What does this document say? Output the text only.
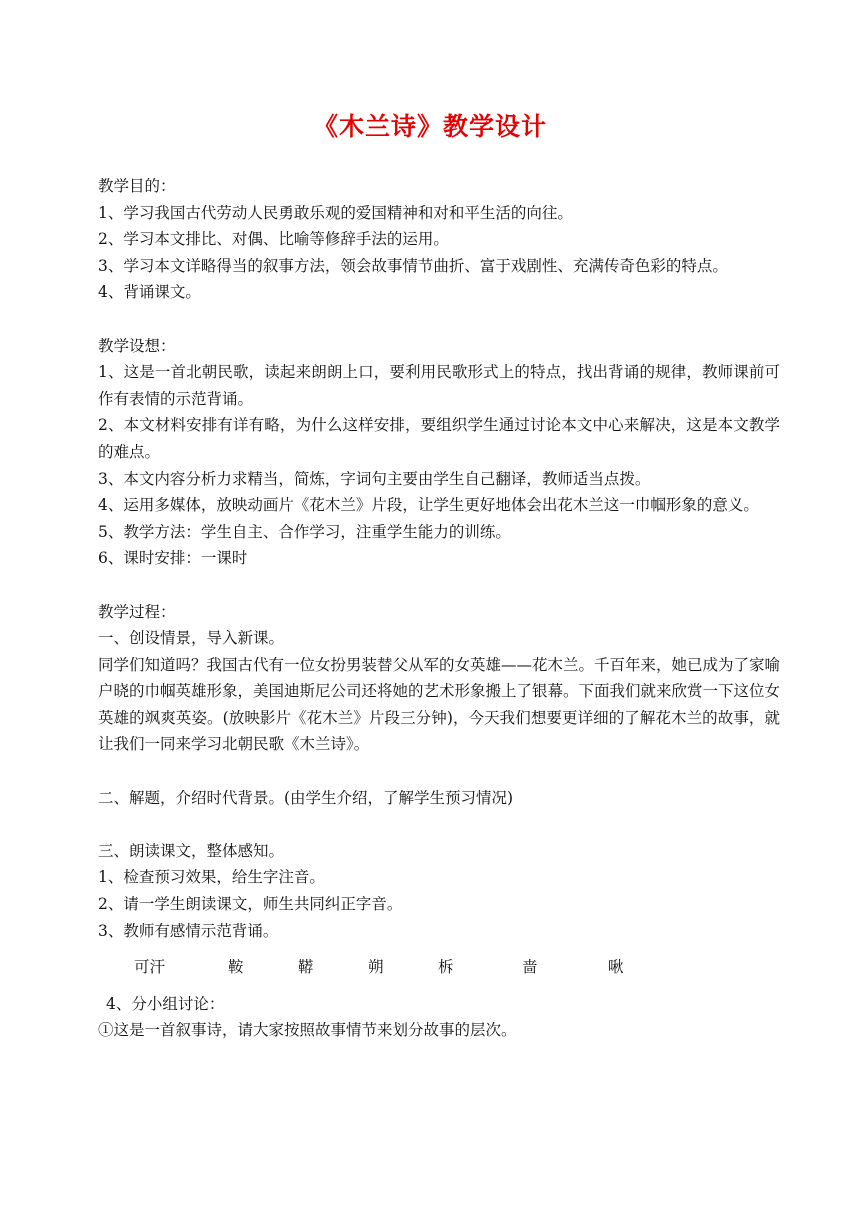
《木兰诗》教学设计

教学目的：

1、学习我国古代劳动人民勇敢乐观的爱国精神和对和平生活的向往。

2、学习本文排比、对偶、比喻等修辞手法的运用。

3、学习本文详略得当的叙事方法，领会故事情节曲折、富于戏剧性、充满传奇色彩的特点。

4、背诵课文。

教学设想：

1、这是一首北朝民歌，读起来朗朗上口，要利用民歌形式上的特点，找出背诵的规律，教师课前可作有表情的示范背诵。

2、本文材料安排有详有略，为什么这样安排，要组织学生通过讨论本文中心来解决，这是本文教学的难点。

3、本文内容分析力求精当，简炼，字词句主要由学生自己翻译，教师适当点拨。

4、运用多媒体，放映动画片《花木兰》片段，让学生更好地体会出花木兰这一巾帼形象的意义。

5、教学方法：学生自主、合作学习，注重学生能力的训练。

6、课时安排：一课时

教学过程：

一、创设情景，导入新课。

同学们知道吗？我国古代有一位女扮男装替父从军的女英雄——花木兰。千百年来，她已成为了家喻户晓的巾帼英雄形象，美国迪斯尼公司还将她的艺术形象搬上了银幕。下面我们就来欣赏一下这位女英雄的飒爽英姿。(放映影片《花木兰》片段三分钟)，今天我们想要更详细的了解花木兰的故事，就让我们一同来学习北朝民歌《木兰诗》。

二、解题，介绍时代背景。(由学生介绍，了解学生预习情况)

三、朗读课文，整体感知。

1、检查预习效果，给生字注音。

2、请一学生朗读课文，师生共同纠正字音。

3、教师有感情示范背诵。

可汗	鞍	鞯	朔	柝	啬	啾

4、分小组讨论：

①这是一首叙事诗，请大家按照故事情节来划分故事的层次。
